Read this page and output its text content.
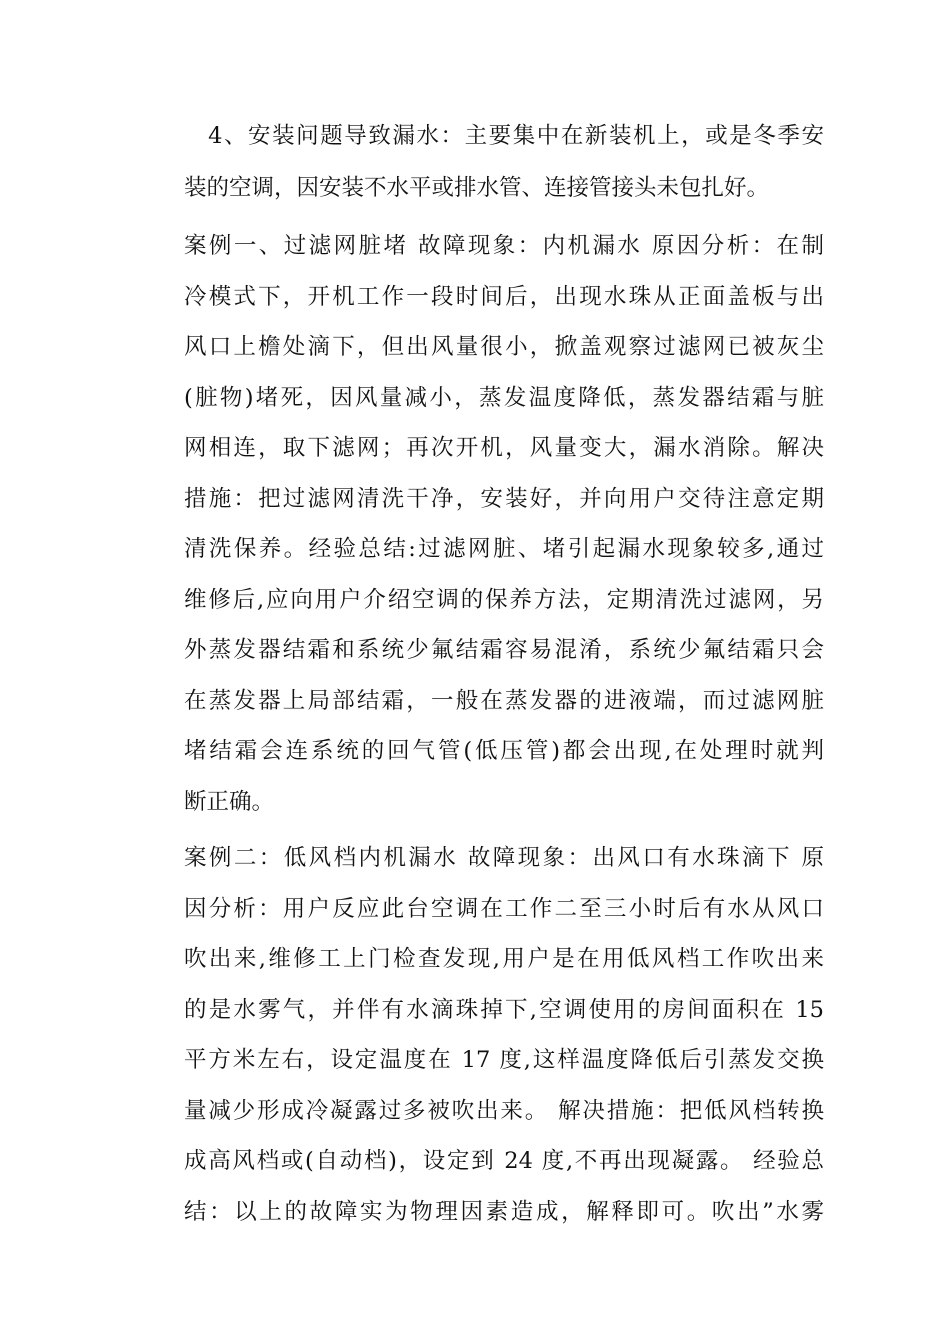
　4、安装问题导致漏水：主要集中在新装机上，或是冬季安
装的空调，因安装不水平或排水管、连接管接头未包扎好。

案例一、过滤网脏堵 故障现象：内机漏水 原因分析：在制
冷模式下，开机工作一段时间后，出现水珠从正面盖板与出
风口上檐处滴下，但出风量很小，掀盖观察过滤网已被灰尘
(脏物)堵死，因风量减小，蒸发温度降低，蒸发器结霜与脏
网相连，取下滤网；再次开机，风量变大，漏水消除。解决
措施：把过滤网清洗干净，安装好，并向用户交待注意定期
清洗保养。经验总结:过滤网脏、堵引起漏水现象较多,通过
维修后,应向用户介绍空调的保养方法，定期清洗过滤网，另
外蒸发器结霜和系统少氟结霜容易混淆，系统少氟结霜只会
在蒸发器上局部结霜，一般在蒸发器的进液端，而过滤网脏
堵结霜会连系统的回气管(低压管)都会出现,在处理时就判
断正确。

案例二：低风档内机漏水 故障现象：出风口有水珠滴下 原
因分析：用户反应此台空调在工作二至三小时后有水从风口
吹出来,维修工上门检查发现,用户是在用低风档工作吹出来
的是水雾气，并伴有水滴珠掉下,空调使用的房间面积在 15
平方米左右，设定温度在 17 度,这样温度降低后引蒸发交换
量减少形成冷凝露过多被吹出来。 解决措施：把低风档转换
成高风档或(自动档)，设定到 24 度,不再出现凝露。 经验总
结：以上的故障实为物理因素造成，解释即可。吹出”水雾
